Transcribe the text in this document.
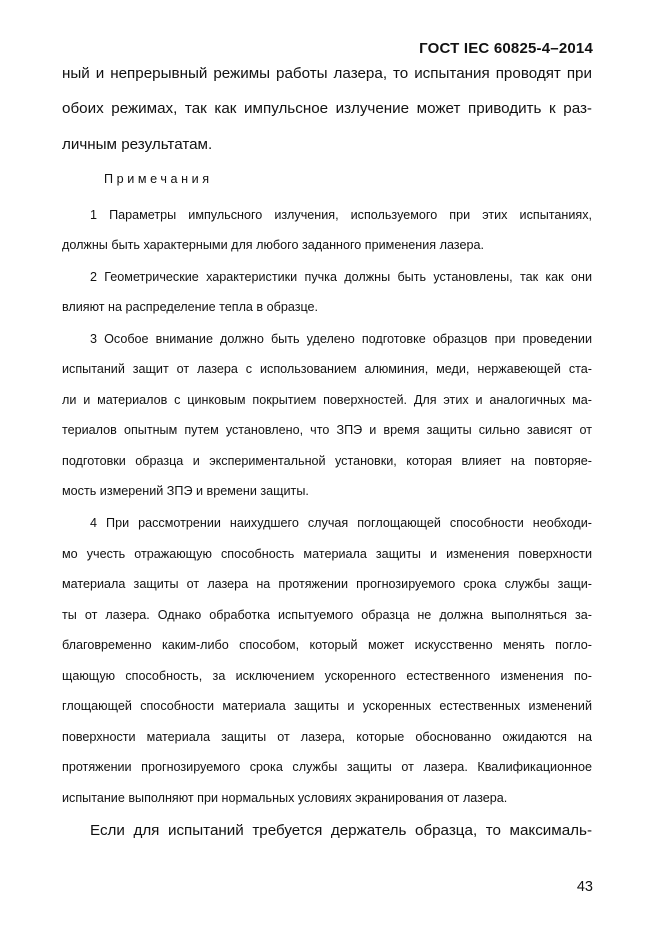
ГОСТ IEC 60825-4–2014
ный и непрерывный режимы работы лазера, то испытания проводят при
обоих режимах, так как импульсное излучение может приводить к раз-
личным результатам.
Примечания
1 Параметры импульсного излучения, используемого при этих испытаниях,
должны быть характерными для любого заданного применения лазера.
2 Геометрические характеристики пучка должны быть установлены, так как они
влияют на распределение тепла в образце.
3 Особое внимание должно быть уделено подготовке образцов при проведении
испытаний защит от лазера с использованием алюминия, меди, нержавеющей ста-
ли и материалов с цинковым покрытием поверхностей. Для этих и аналогичных ма-
териалов опытным путем установлено, что ЗПЭ и время защиты сильно зависят от
подготовки образца и экспериментальной установки, которая влияет на повторяе-
мость измерений ЗПЭ и времени защиты.
4 При рассмотрении наихудшего случая поглощающей способности необходи-
мо учесть отражающую способность материала защиты и изменения поверхности
материала защиты от лазера на протяжении прогнозируемого срока службы защи-
ты от лазера. Однако обработка испытуемого образца не должна выполняться за-
благовременно каким-либо способом, который может искусственно менять погло-
щающую способность, за исключением ускоренного естественного изменения по-
глощающей способности материала защиты и ускоренных естественных изменений
поверхности материала защиты от лазера, которые обоснованно ожидаются на
протяжении прогнозируемого срока службы защиты от лазера. Квалификационное
испытание выполняют при нормальных условиях экранирования от лазера.
Если для испытаний требуется держатель образца, то максималь-
43
